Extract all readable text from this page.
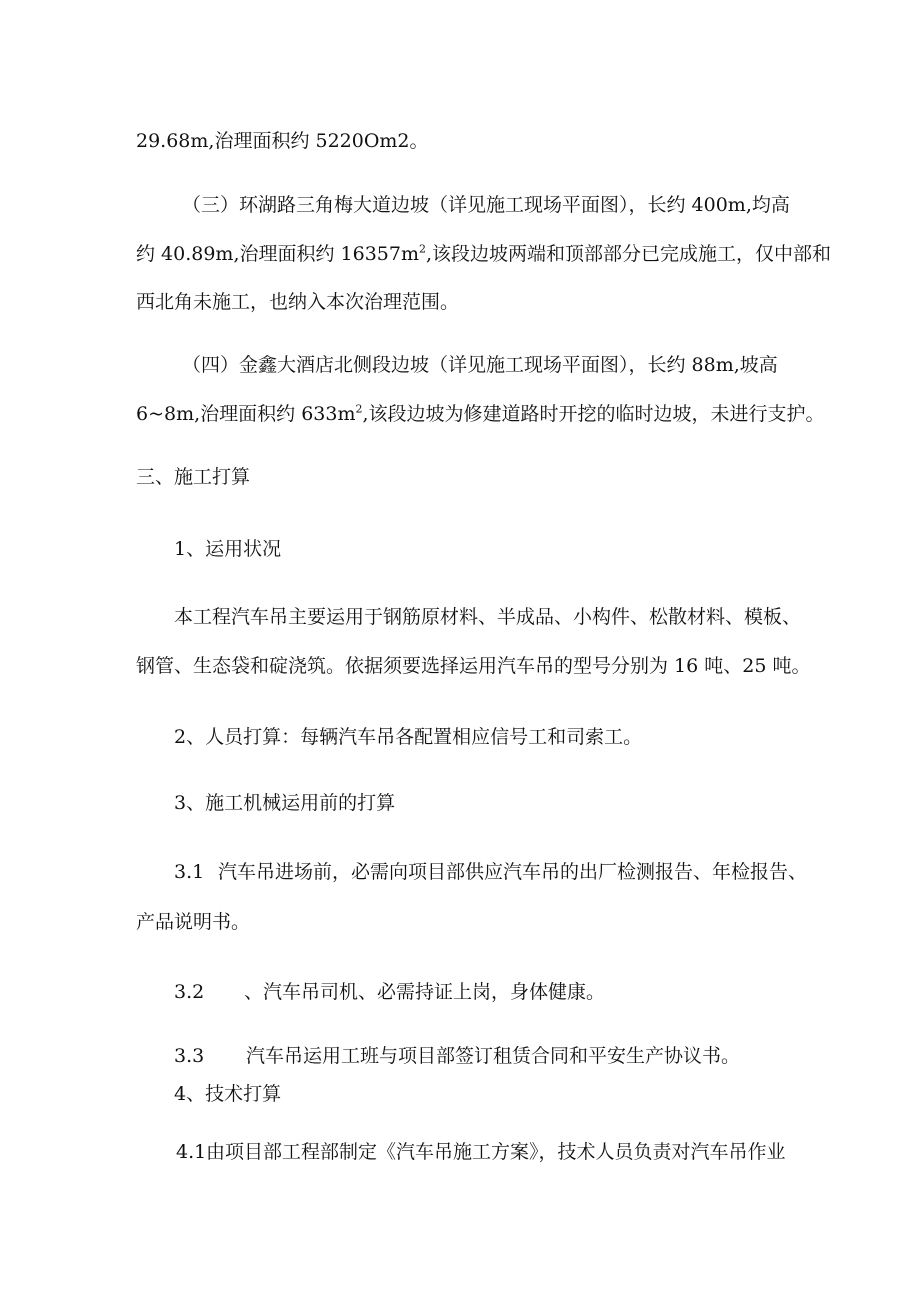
29.68m,治理面积约 5220Om2。
（三）环湖路三角梅大道边坡（详见施工现场平面图），长约 400m,均高
约 40.89m,治理面积约 $16357m^2$,该段边坡两端和顶部部分已完成施工，仅中部和
西北角未施工，也纳入本次治理范围。
（四）金鑫大酒店北侧段边坡（详见施工现场平面图），长约 88m,坡高
6~8m,治理面积约 $633m^2$,该段边坡为修建道路时开挖的临时边坡，未进行支护。
三、施工打算
1、运用状况
本工程汽车吊主要运用于钢筋原材料、半成品、小构件、松散材料、模板、
钢管、生态袋和碇浇筑。依据须要选择运用汽车吊的型号分别为 16 吨、25 吨。
2、人员打算：每辆汽车吊各配置相应信号工和司索工。
3、施工机械运用前的打算
3.1 汽车吊进场前，必需向项目部供应汽车吊的出厂检测报告、年检报告、
产品说明书。
3.2 、汽车吊司机、必需持证上岗，身体健康。
3.3 汽车吊运用工班与项目部签订租赁合同和平安生产协议书。
4、技术打算
4.1由项目部工程部制定《汽车吊施工方案》，技术人员负责对汽车吊作业
